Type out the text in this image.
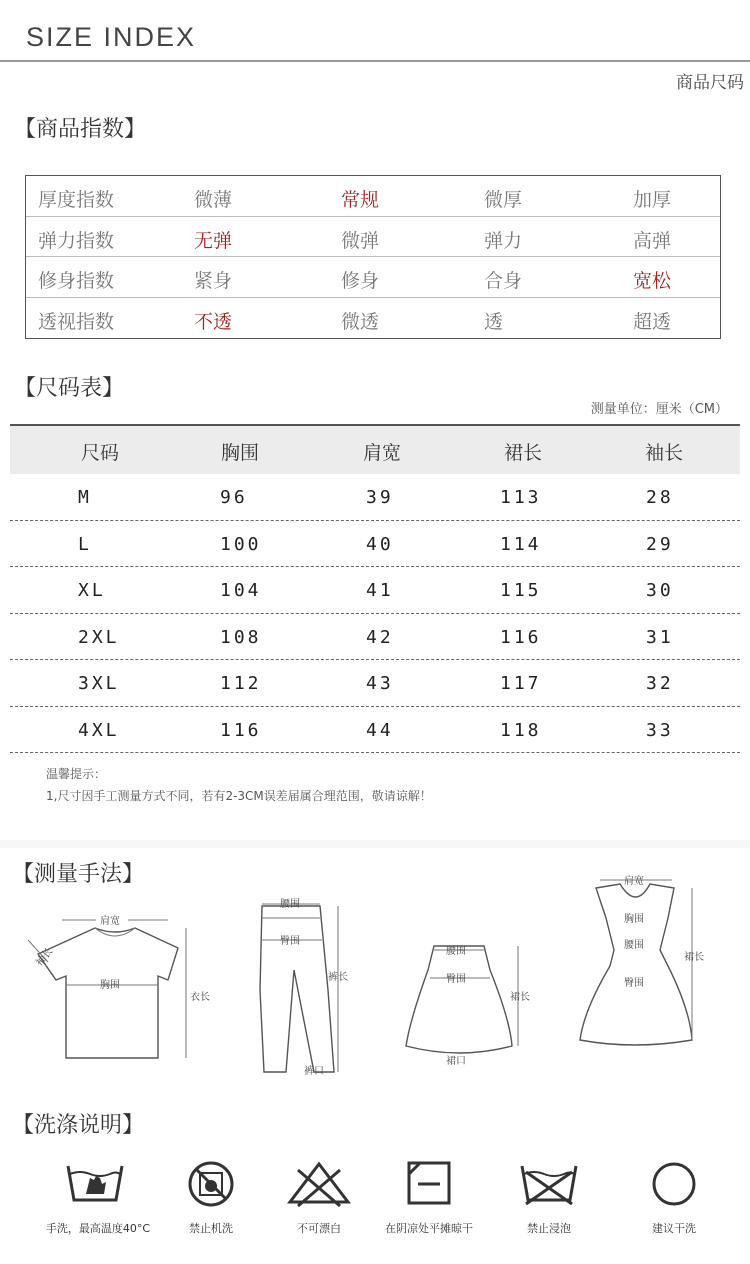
SIZE INDEX
商品尺码
【商品指数】
厚度指数	微薄	常规	微厚	加厚
弹力指数	无弹	微弹	弹力	高弹
修身指数	紧身	修身	合身	宽松
透视指数	不透	微透	透	超透
【尺码表】
测量单位：厘米（CM）
尺码	胸围	肩宽	裙长	袖长
M	96	39	113	28
L	100	40	114	29
XL	104	41	115	30
2XL	108	42	116	31
3XL	112	43	117	32
4XL	116	44	118	33
温馨提示：
1,尺寸因手工测量方式不同，若有2-3CM误差届属合理范围，敬请谅解！
【测量手法】
肩宽
袖长
胸围
衣长
腰围
臀围
裤长
裤口
腰围
臀围
裙长
裙口
肩宽
胸围
腰围
臀围
裙长
【洗涤说明】
手洗，最高温度40°C	禁止机洗	不可漂白	在阴凉处平摊晾干	禁止浸泡	建议干洗
